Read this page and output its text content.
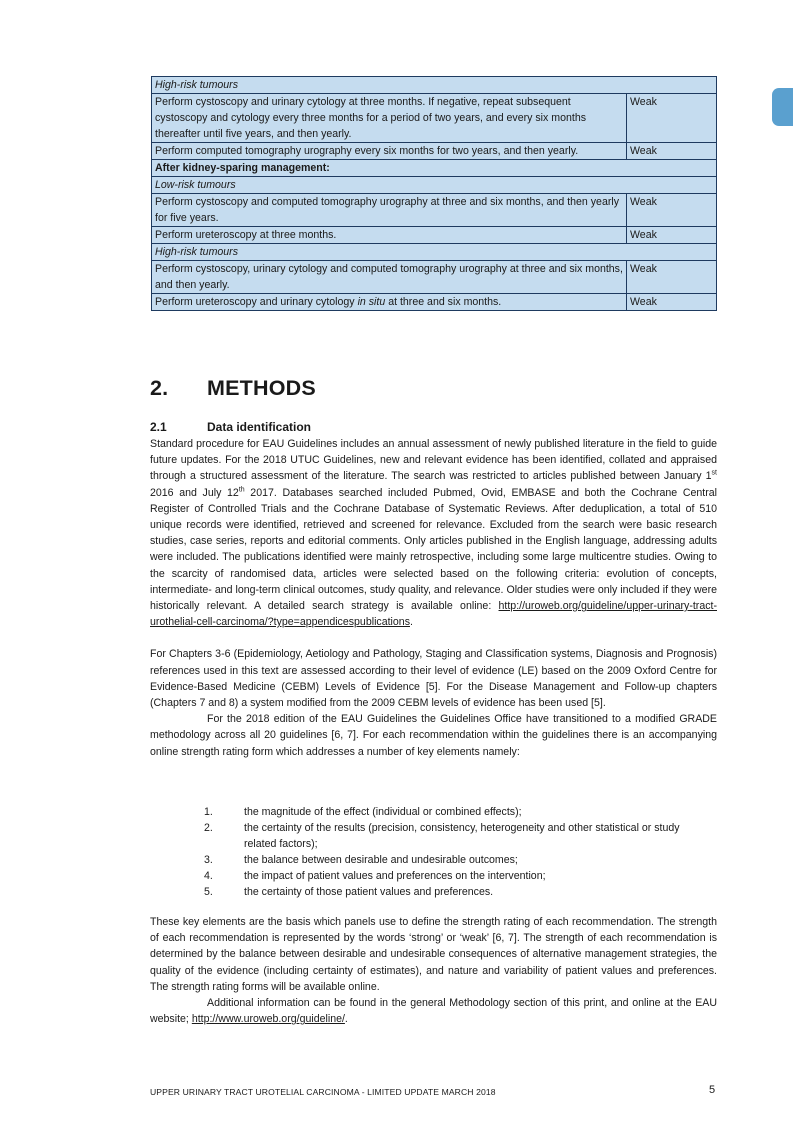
High-risk tumours	
Perform cystoscopy and urinary cytology at three months. If negative, repeat subsequent cystoscopy and cytology every three months for a period of two years, and every six months thereafter until five years, and then yearly.	Weak
Perform computed tomography urography every six months for two years, and then yearly.	Weak
After kidney-sparing management:	
Low-risk tumours	
Perform cystoscopy and computed tomography urography at three and six months, and then yearly for five years.	Weak
Perform ureteroscopy at three months.	Weak
High-risk tumours	
Perform cystoscopy, urinary cytology and computed tomography urography at three and six months, and then yearly.	Weak
Perform ureteroscopy and urinary cytology in situ at three and six months.	Weak
2. METHODS
2.1	Data identification

Standard procedure for EAU Guidelines includes an annual assessment of newly published literature in the field to guide future updates. For the 2018 UTUC Guidelines, new and relevant evidence has been identified, collated and appraised through a structured assessment of the literature. The search was restricted to articles published between January 1st 2016 and July 12th 2017. Databases searched included Pubmed, Ovid, EMBASE and both the Cochrane Central Register of Controlled Trials and the Cochrane Database of Systematic Reviews. After deduplication, a total of 510 unique records were identified, retrieved and screened for relevance. Excluded from the search were basic research studies, case series, reports and editorial comments. Only articles published in the English language, addressing adults were included. The publications identified were mainly retrospective, including some large multicentre studies. Owing to the scarcity of randomised data, articles were selected based on the following criteria: evolution of concepts, intermediate- and long-term clinical outcomes, study quality, and relevance. Older studies were only included if they were historically relevant. A detailed search strategy is available online: http://uroweb.org/guideline/upper-urinary-tract-urothelial-cell-carcinoma/?type=appendicespublications.

For Chapters 3-6 (Epidemiology, Aetiology and Pathology, Staging and Classification systems, Diagnosis and Prognosis) references used in this text are assessed according to their level of evidence (LE) based on the 2009 Oxford Centre for Evidence-Based Medicine (CEBM) Levels of Evidence [5]. For the Disease Management and Follow-up chapters (Chapters 7 and 8) a system modified from the 2009 CEBM levels of evidence has been used [5].

For the 2018 edition of the EAU Guidelines the Guidelines Office have transitioned to a modified GRADE methodology across all 20 guidelines [6, 7]. For each recommendation within the guidelines there is an accompanying online strength rating form which addresses a number of key elements namely:

1.	the magnitude of the effect (individual or combined effects);
2.	the certainty of the results (precision, consistency, heterogeneity and other statistical or study related factors);
3.	the balance between desirable and undesirable outcomes;
4.	the impact of patient values and preferences on the intervention;
5.	the certainty of those patient values and preferences.

These key elements are the basis which panels use to define the strength rating of each recommendation. The strength of each recommendation is represented by the words ‘strong’ or ‘weak’ [6, 7]. The strength of each recommendation is determined by the balance between desirable and undesirable consequences of alternative management strategies, the quality of the evidence (including certainty of estimates), and nature and variability of patient values and preferences. The strength rating forms will be available online.

Additional information can be found in the general Methodology section of this print, and online at the EAU website; http://www.uroweb.org/guideline/.

UPPER URINARY TRACT UROTELIAL CARCINOMA - LIMITED UPDATE MARCH 2018	5
